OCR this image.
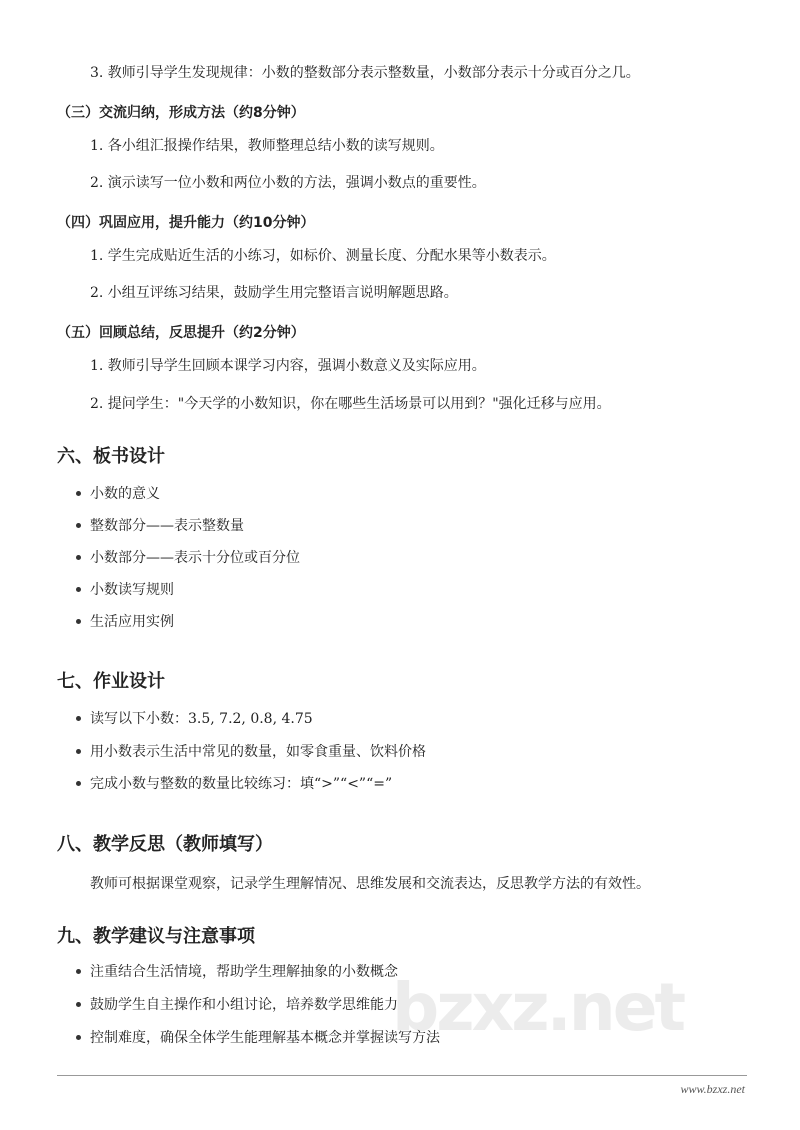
bzxz.net
3. 教师引导学生发现规律：小数的整数部分表示整数量，小数部分表示十分或百分之几。
（三）交流归纳，形成方法（约8分钟）
1. 各小组汇报操作结果，教师整理总结小数的读写规则。
2. 演示读写一位小数和两位小数的方法，强调小数点的重要性。
（四）巩固应用，提升能力（约10分钟）
1. 学生完成贴近生活的小练习，如标价、测量长度、分配水果等小数表示。
2. 小组互评练习结果，鼓励学生用完整语言说明解题思路。
（五）回顾总结，反思提升（约2分钟）
1. 教师引导学生回顾本课学习内容，强调小数意义及实际应用。
2. 提问学生："今天学的小数知识，你在哪些生活场景可以用到？"强化迁移与应用。
六、板书设计
小数的意义
整数部分——表示整数量
小数部分——表示十分位或百分位
小数读写规则
生活应用实例
七、作业设计
读写以下小数：3.5, 7.2, 0.8, 4.75
用小数表示生活中常见的数量，如零食重量、饮料价格
完成小数与整数的数量比较练习：填“>”“<”“=”
八、教学反思（教师填写）
教师可根据课堂观察，记录学生理解情况、思维发展和交流表达，反思教学方法的有效性。
九、教学建议与注意事项
注重结合生活情境，帮助学生理解抽象的小数概念
鼓励学生自主操作和小组讨论，培养数学思维能力
控制难度，确保全体学生能理解基本概念并掌握读写方法
www.bzxz.net
